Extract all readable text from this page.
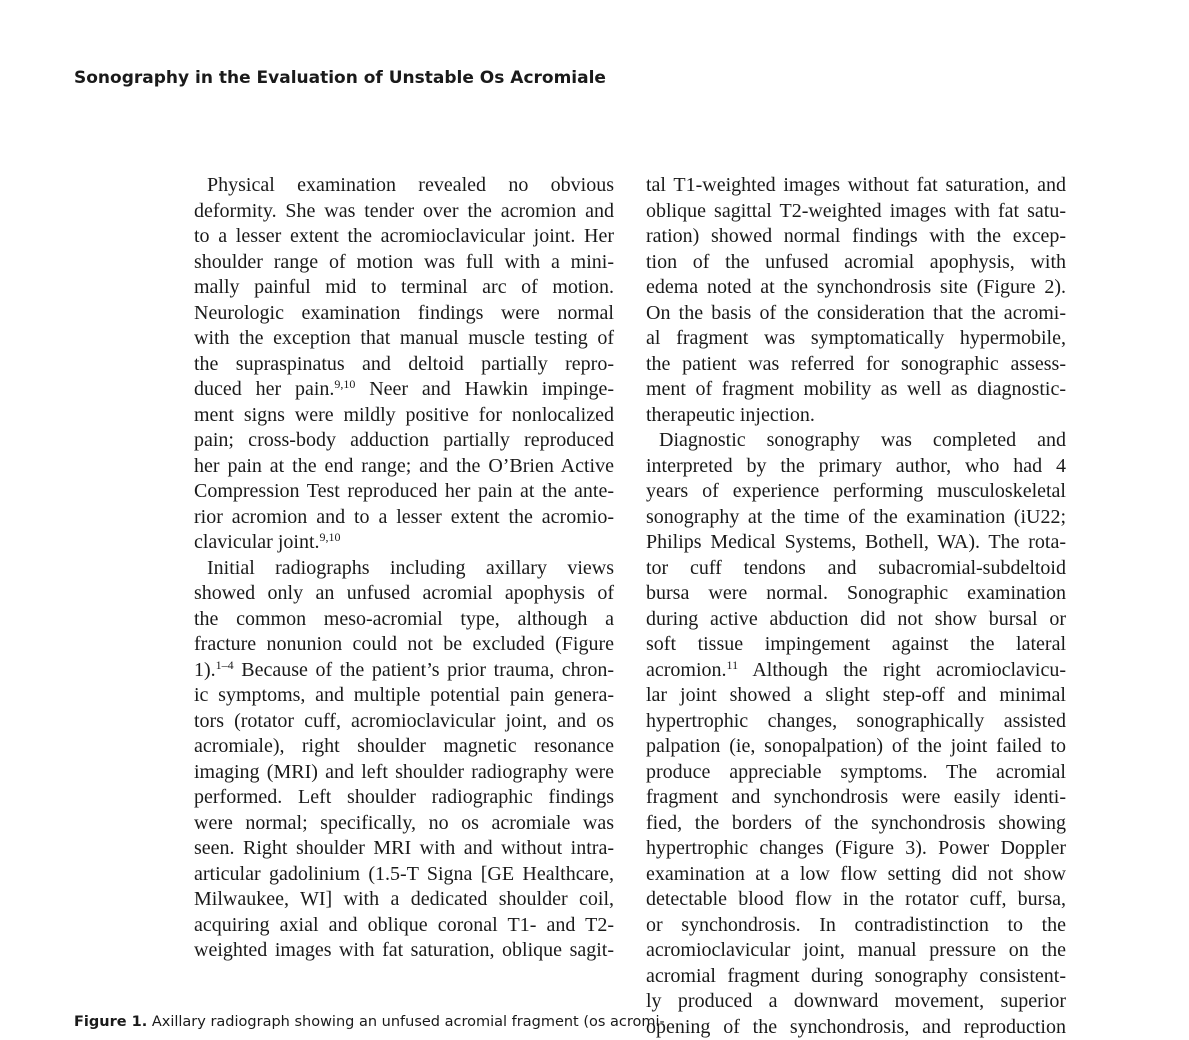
Sonography in the Evaluation of Unstable Os Acromiale
Physical examination revealed no obvious
deformity. She was tender over the acromion and
to a lesser extent the acromioclavicular joint. Her
shoulder range of motion was full with a mini-
mally painful mid to terminal arc of motion.
Neurologic examination findings were normal
with the exception that manual muscle testing of
the supraspinatus and deltoid partially repro-
duced her pain.$^{9,10}$ Neer and Hawkin impinge-
ment signs were mildly positive for nonlocalized
pain; cross-body adduction partially reproduced
her pain at the end range; and the O’Brien Active
Compression Test reproduced her pain at the ante-
rior acromion and to a lesser extent the acromio-
clavicular joint.$^{9,10}$
Initial radiographs including axillary views
showed only an unfused acromial apophysis of
the common meso-acromial type, although a
fracture nonunion could not be excluded (Figure
1).$^{1-4}$ Because of the patient’s prior trauma, chron-
ic symptoms, and multiple potential pain genera-
tors (rotator cuff, acromioclavicular joint, and os
acromiale), right shoulder magnetic resonance
imaging (MRI) and left shoulder radiography were
performed. Left shoulder radiographic findings
were normal; specifically, no os acromiale was
seen. Right shoulder MRI with and without intra-
articular gadolinium (1.5-T Signa [GE Healthcare,
Milwaukee, WI] with a dedicated shoulder coil,
acquiring axial and oblique coronal T1- and T2-
weighted images with fat saturation, oblique sagit-
tal T1-weighted images without fat saturation, and
oblique sagittal T2-weighted images with fat satu-
ration) showed normal findings with the excep-
tion of the unfused acromial apophysis, with
edema noted at the synchondrosis site (Figure 2).
On the basis of the consideration that the acromi-
al fragment was symptomatically hypermobile,
the patient was referred for sonographic assess-
ment of fragment mobility as well as diagnostic-
therapeutic injection.
Diagnostic sonography was completed and
interpreted by the primary author, who had 4
years of experience performing musculoskeletal
sonography at the time of the examination (iU22;
Philips Medical Systems, Bothell, WA). The rota-
tor cuff tendons and subacromial-subdeltoid
bursa were normal. Sonographic examination
during active abduction did not show bursal or
soft tissue impingement against the lateral
acromion.$^{11}$ Although the right acromioclavicu-
lar joint showed a slight step-off and minimal
hypertrophic changes, sonographically assisted
palpation (ie, sonopalpation) of the joint failed to
produce appreciable symptoms. The acromial
fragment and synchondrosis were easily identi-
fied, the borders of the synchondrosis showing
hypertrophic changes (Figure 3). Power Doppler
examination at a low flow setting did not show
detectable blood flow in the rotator cuff, bursa,
or synchondrosis. In contradistinction to the
acromioclavicular joint, manual pressure on the
acromial fragment during sonography consistent-
ly produced a downward movement, superior
opening of the synchondrosis, and reproduction
Figure 1. Axillary radiograph showing an unfused acromial fragment (os acromi-
